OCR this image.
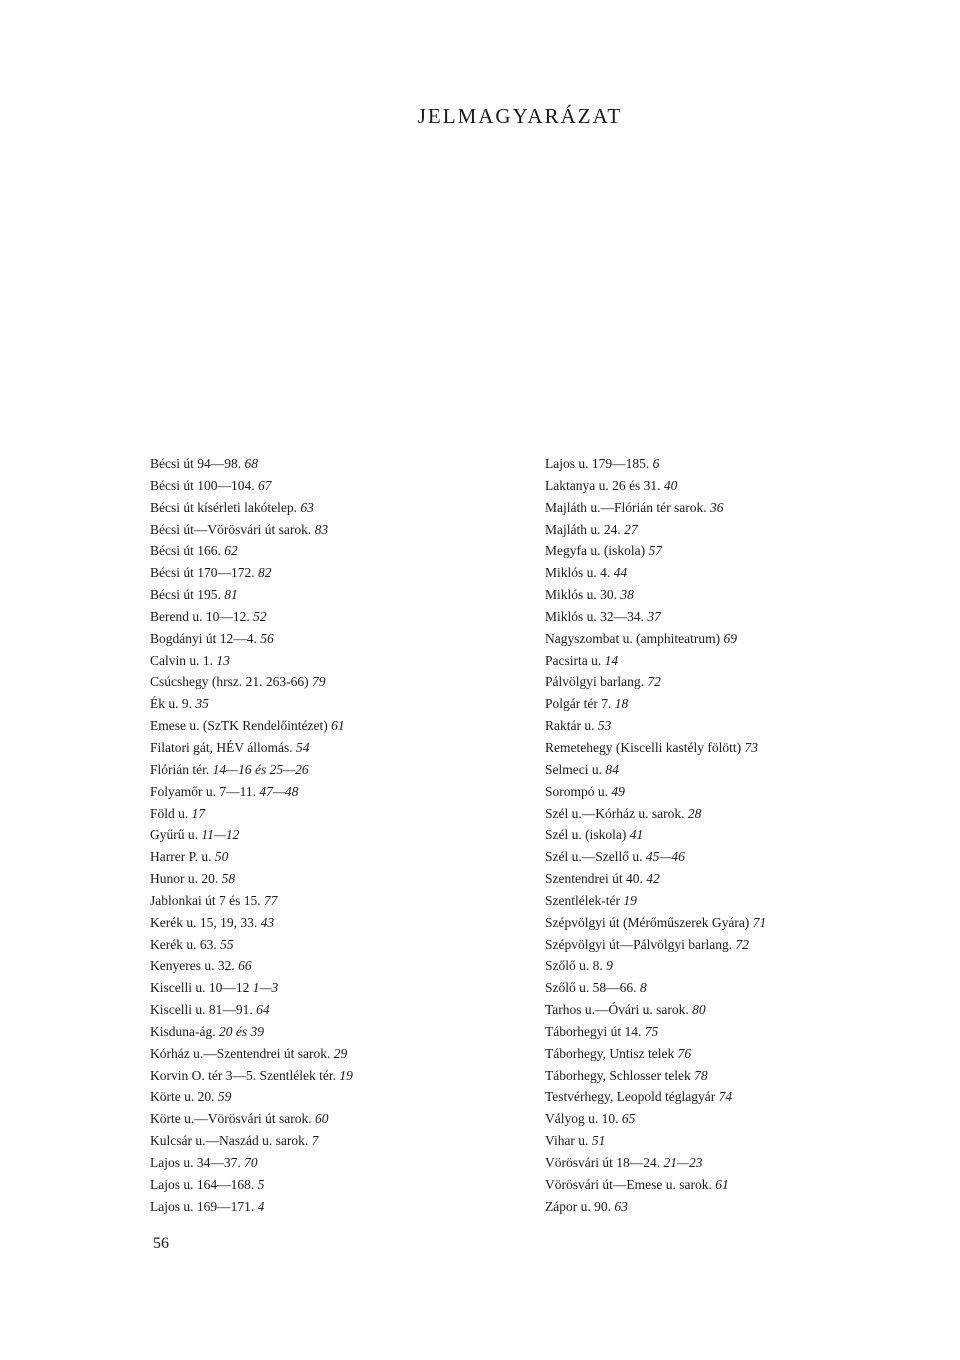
JELMAGYARÁZAT
Bécsi út 94—98. 68
Bécsi út 100—104. 67
Bécsi út kísérleti lakótelep. 63
Bécsi út—Vörösvári út sarok. 83
Bécsi út 166. 62
Bécsi út 170—172. 82
Bécsi út 195. 81
Berend u. 10—12. 52
Bogdányi út 12—4. 56
Calvin u. 1. 13
Csúcshegy (hrsz. 21. 263-66) 79
Ék u. 9. 35
Emese u. (SzTK Rendelőintézet) 61
Filatori gát, HÉV állomás. 54
Flórián tér. 14—16 és 25—26
Folyamőr u. 7—11. 47—48
Föld u. 17
Gyűrű u. 11—12
Harrer P. u. 50
Hunor u. 20. 58
Jablonkai út 7 és 15. 77
Kerék u. 15, 19, 33. 43
Kerék u. 63. 55
Kenyeres u. 32. 66
Kiscelli u. 10—12 1—3
Kiscelli u. 81—91. 64
Kisduna-ág. 20 és 39
Kórház u.—Szentendrei út sarok. 29
Korvin O. tér 3—5. Szentlélek tér. 19
Körte u. 20. 59
Körte u.—Vörösvári út sarok. 60
Kulcsár u.—Naszád u. sarok. 7
Lajos u. 34—37. 70
Lajos u. 164—168. 5
Lajos u. 169—171. 4
Lajos u. 179—185. 6
Laktanya u. 26 és 31. 40
Majláth u.—Flórián tér sarok. 36
Majláth u. 24. 27
Megyfa u. (iskola) 57
Miklós u. 4. 44
Miklós u. 30. 38
Miklós u. 32—34. 37
Nagyszombat u. (amphiteatrum) 69
Pacsirta u. 14
Pálvölgyi barlang. 72
Polgár tér 7. 18
Raktár u. 53
Remetehegy (Kiscelli kastély fölött) 73
Selmeci u. 84
Sorompó u. 49
Szél u.—Kórház u. sarok. 28
Szél u. (iskola) 41
Szél u.—Szellő u. 45—46
Szentendrei út 40. 42
Szentlélek-tér 19
Szépvölgyi út (Mérőműszerek Gyára) 71
Szépvölgyi út—Pálvölgyi barlang. 72
Szőlő u. 8. 9
Szőlő u. 58—66. 8
Tarhos u.—Óvári u. sarok. 80
Táborhegyi út 14. 75
Táborhegy, Untisz telek 76
Táborhegy, Schlosser telek 78
Testvérhegy, Leopold téglagyár 74
Vályog u. 10. 65
Vihar u. 51
Vörösvári út 18—24. 21—23
Vörösvári út—Emese u. sarok. 61
Zápor u. 90. 63
56
